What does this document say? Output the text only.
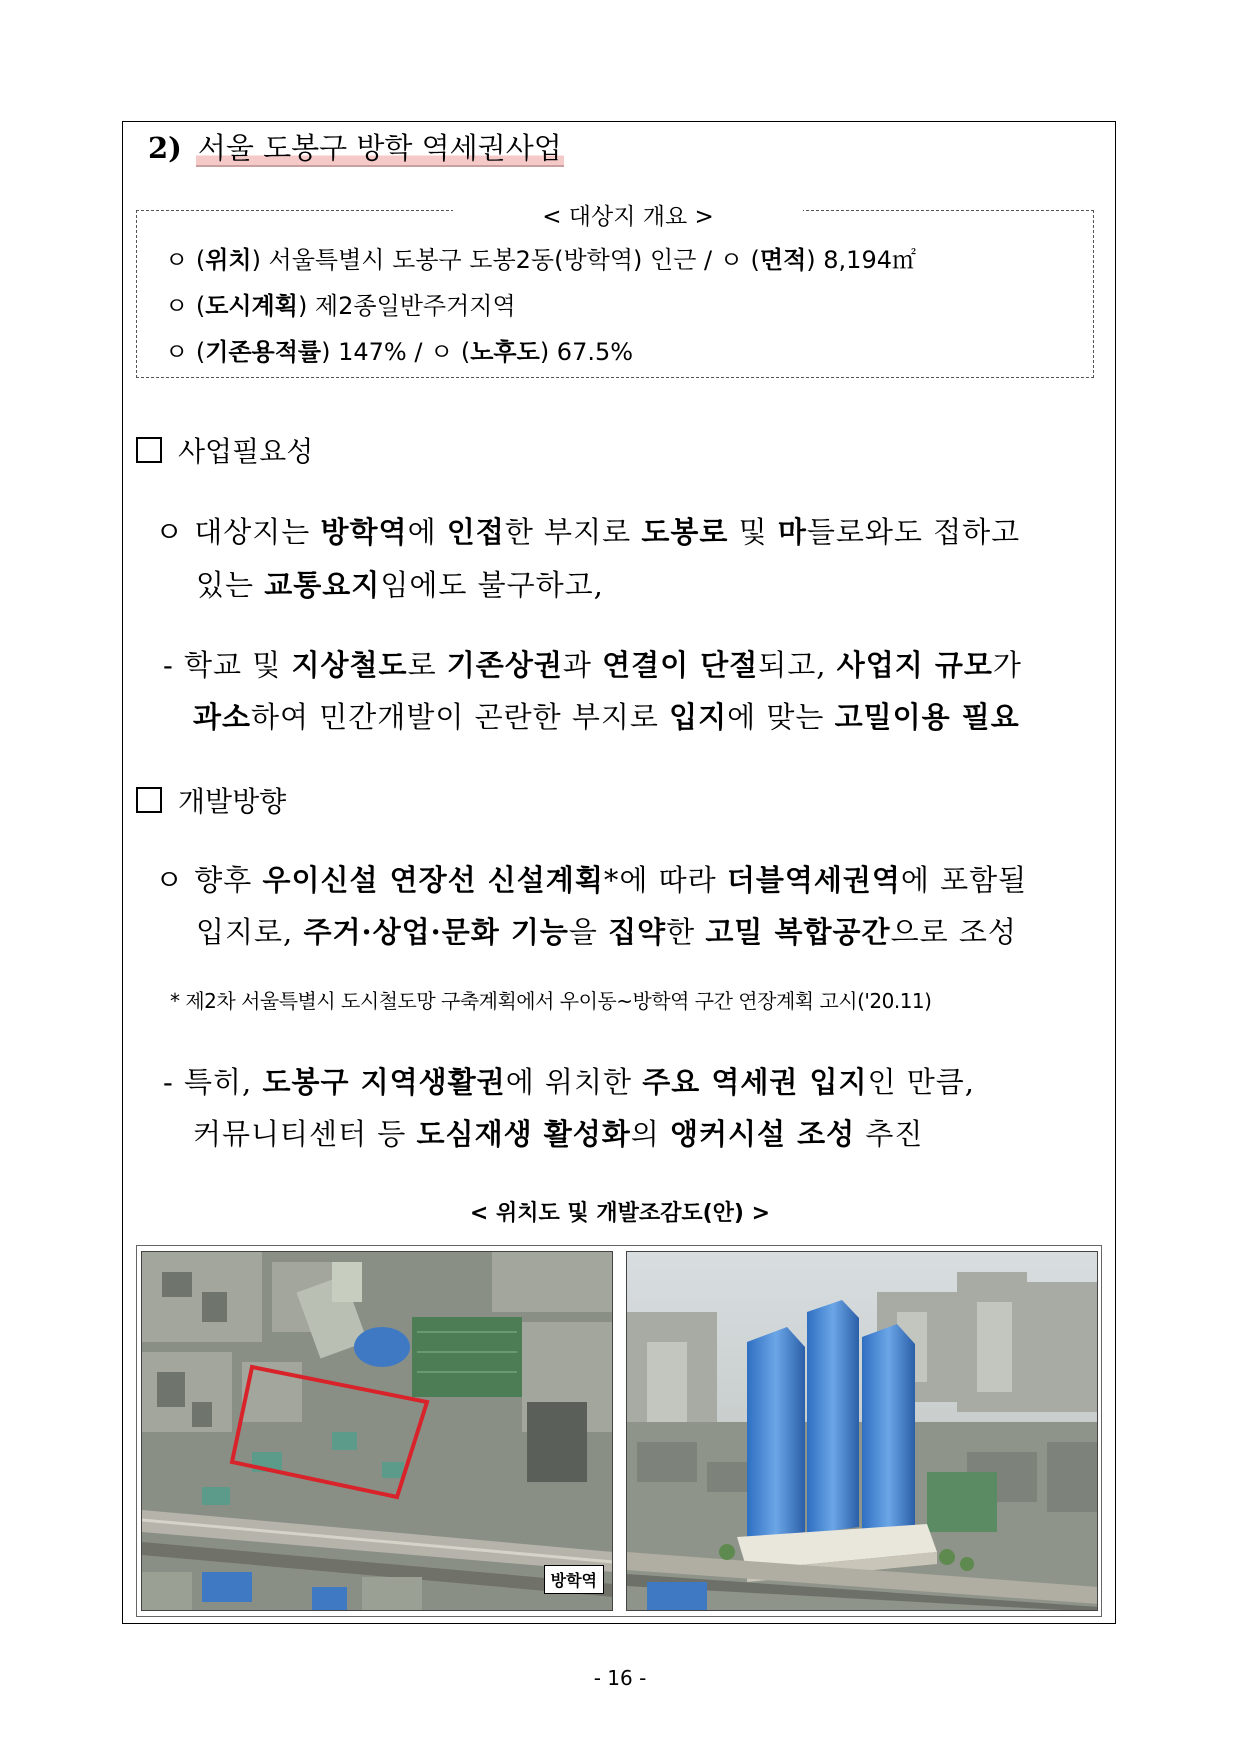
2) 서울 도봉구 방학 역세권사업
< 대상지 개요 >
ㅇ (위치) 서울특별시 도봉구 도봉2동(방학역) 인근 / ㅇ (면적) 8,194㎡
ㅇ (도시계획) 제2종일반주거지역
ㅇ (기존용적률) 147% / ㅇ (노후도) 67.5%
사업필요성
ㅇ 대상지는 방학역에 인접한 부지로 도봉로 및 마들로와도 접하고
있는 교통요지임에도 불구하고,
- 학교 및 지상철도로 기존상권과 연결이 단절되고, 사업지 규모가
과소하여 민간개발이 곤란한 부지로 입지에 맞는 고밀이용 필요
개발방향
ㅇ 향후 우이신설 연장선 신설계획*에 따라 더블역세권역에 포함될
입지로, 주거·상업·문화 기능을 집약한 고밀 복합공간으로 조성
* 제2차 서울특별시 도시철도망 구축계획에서 우이동~방학역 구간 연장계획 고시('20.11)
- 특히, 도봉구 지역생활권에 위치한 주요 역세권 입지인 만큼,
커뮤니티센터 등 도심재생 활성화의 앵커시설 조성 추진
< 위치도 및 개발조감도(안) >
방학역
- 16 -
